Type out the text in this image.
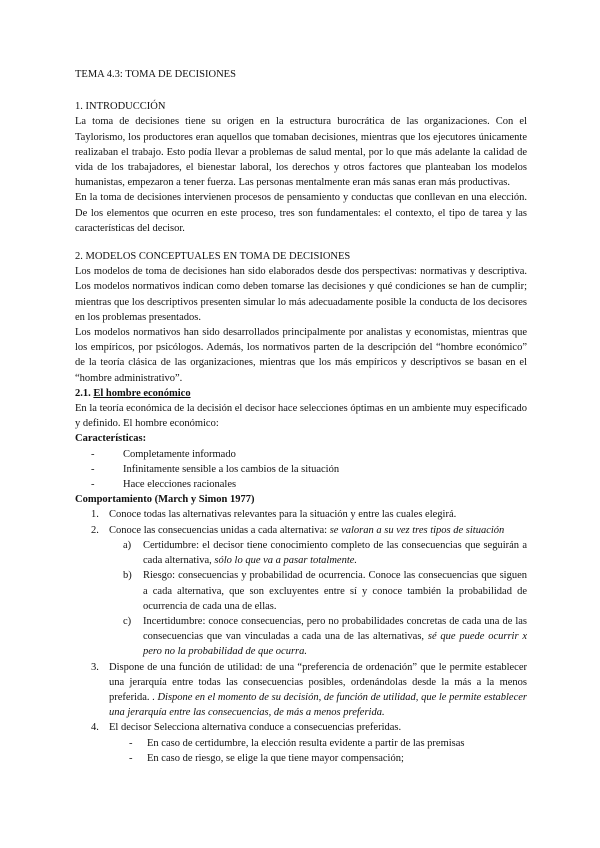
TEMA 4.3: TOMA DE DECISIONES

1. INTRODUCCIÓN

La toma de decisiones tiene su origen en la estructura burocrática de las organizaciones. Con el Taylorismo, los productores eran aquellos que tomaban decisiones, mientras que los ejecutores únicamente realizaban el trabajo. Esto podía llevar a problemas de salud mental, por lo que más adelante la calidad de vida de los trabajadores, el bienestar laboral, los derechos y otros factores que planteaban los modelos humanistas, empezaron a tener fuerza. Las personas mentalmente eran más sanas eran más productivas.

En la toma de decisiones intervienen procesos de pensamiento y conductas que conllevan en una elección. De los elementos que ocurren en este proceso, tres son fundamentales: el contexto, el tipo de tarea y las características del decisor.

2. MODELOS CONCEPTUALES EN TOMA DE DECISIONES

Los modelos de toma de decisiones han sido elaborados desde dos perspectivas: normativas y descriptiva. Los modelos normativos indican como deben tomarse las decisiones y qué condiciones se han de cumplir; mientras que los descriptivos presenten simular lo más adecuadamente posible la conducta de los decisores en los problemas presentados.

Los modelos normativos han sido desarrollados principalmente por analistas y economistas, mientras que los empíricos, por psicólogos. Además, los normativos parten de la descripción del “hombre económico” de la teoría clásica de las organizaciones, mientras que los más empíricos y descriptivos se basan en el “hombre administrativo”.

2.1. El hombre económico

En la teoría económica de la decisión el decisor hace selecciones óptimas en un ambiente muy especificado y definido. El hombre económico:

Características:

- Completamente informado
- Infinitamente sensible a los cambios de la situación
- Hace elecciones racionales

Comportamiento (March y Simon 1977)

1. Conoce todas las alternativas relevantes para la situación y entre las cuales elegirá.
2. Conoce las consecuencias unidas a cada alternativa: se valoran a su vez tres tipos de situación
a) Certidumbre: el decisor tiene conocimiento completo de las consecuencias que seguirán a cada alternativa, sólo lo que va a pasar totalmente.
b) Riesgo: consecuencias y probabilidad de ocurrencia. Conoce las consecuencias que siguen a cada alternativa, que son excluyentes entre sí y conoce también la probabilidad de ocurrencia de cada una de ellas.
c) Incertidumbre: conoce consecuencias, pero no probabilidades concretas de cada una de las consecuencias que van vinculadas a cada una de las alternativas, sé que puede ocurrir x pero no la probabilidad de que ocurra.
3. Dispone de una función de utilidad: de una “preferencia de ordenación” que le permite establecer una jerarquía entre todas las consecuencias posibles, ordenándolas desde la más a la menos preferida. . Dispone en el momento de su decisión, de función de utilidad, que le permite establecer una jerarquía entre las consecuencias, de más a menos preferida.
4. El decisor Selecciona alternativa conduce a consecuencias preferidas.
- En caso de certidumbre, la elección resulta evidente a partir de las premisas
- En caso de riesgo, se elige la que tiene mayor compensación;
